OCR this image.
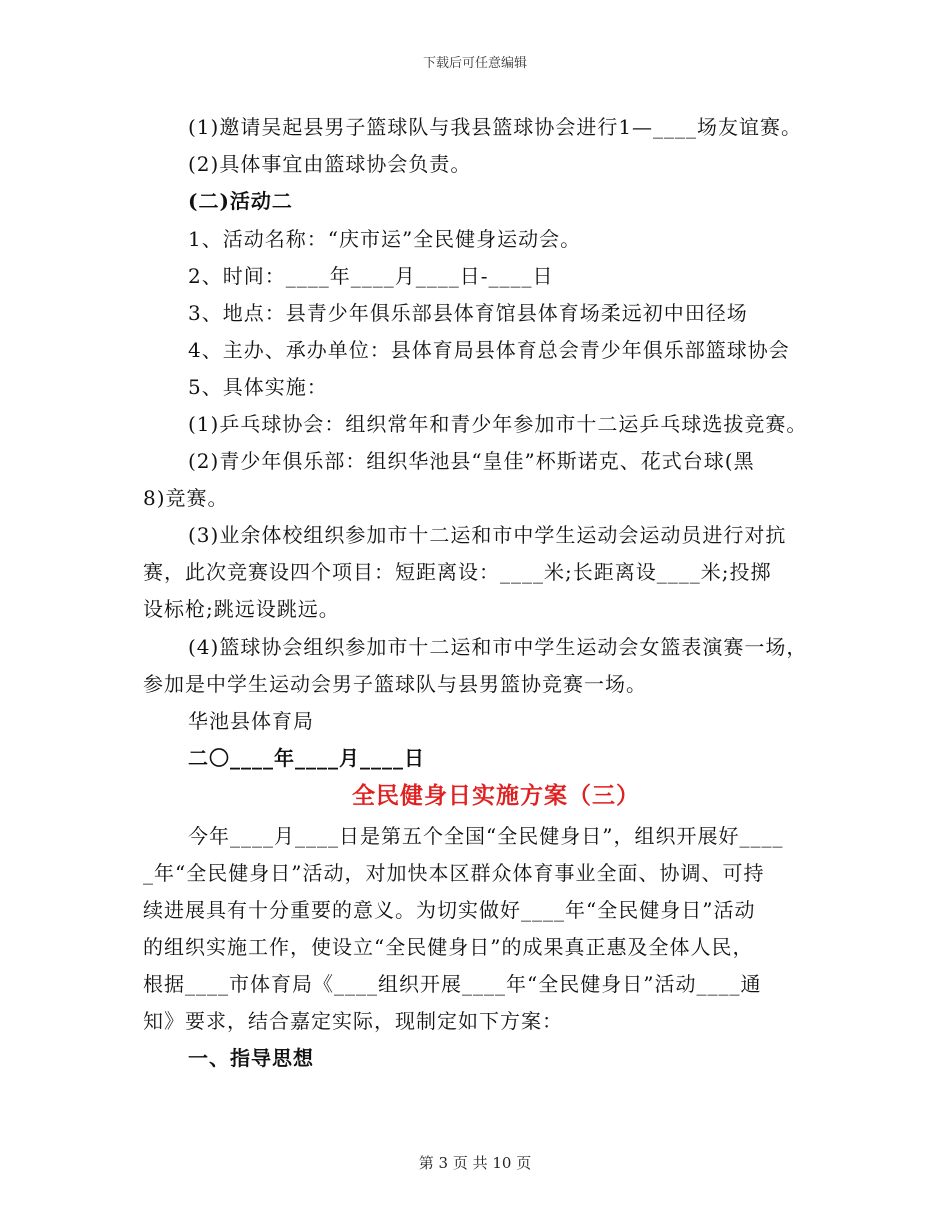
下载后可任意编辑
(1)邀请吴起县男子篮球队与我县篮球协会进行1—____场友谊赛。
(2)具体事宜由篮球协会负责。
(二)活动二
1、活动名称：“庆市运”全民健身运动会。
2、时间：____年____月____日-____日
3、地点：县青少年俱乐部县体育馆县体育场柔远初中田径场
4、主办、承办单位：县体育局县体育总会青少年俱乐部篮球协会
5、具体实施：
(1)乒乓球协会：组织常年和青少年参加市十二运乒乓球选拔竞赛。
(2)青少年俱乐部：组织华池县“皇佳”杯斯诺克、花式台球(黑
8)竞赛。
(3)业余体校组织参加市十二运和市中学生运动会运动员进行对抗
赛，此次竞赛设四个项目：短距离设：____米;长距离设____米;投掷
设标枪;跳远设跳远。
(4)篮球协会组织参加市十二运和市中学生运动会女篮表演赛一场，
参加是中学生运动会男子篮球队与县男篮协竞赛一场。
华池县体育局
二〇____年____月____日
全民健身日实施方案（三）
今年____月____日是第五个全国“全民健身日”，组织开展好____
_年“全民健身日”活动，对加快本区群众体育事业全面、协调、可持
续进展具有十分重要的意义。为切实做好____年“全民健身日”活动
的组织实施工作，使设立“全民健身日”的成果真正惠及全体人民，
根据____市体育局《____组织开展____年“全民健身日”活动____通
知》要求，结合嘉定实际，现制定如下方案：
一、指导思想
第 3 页 共 10 页
